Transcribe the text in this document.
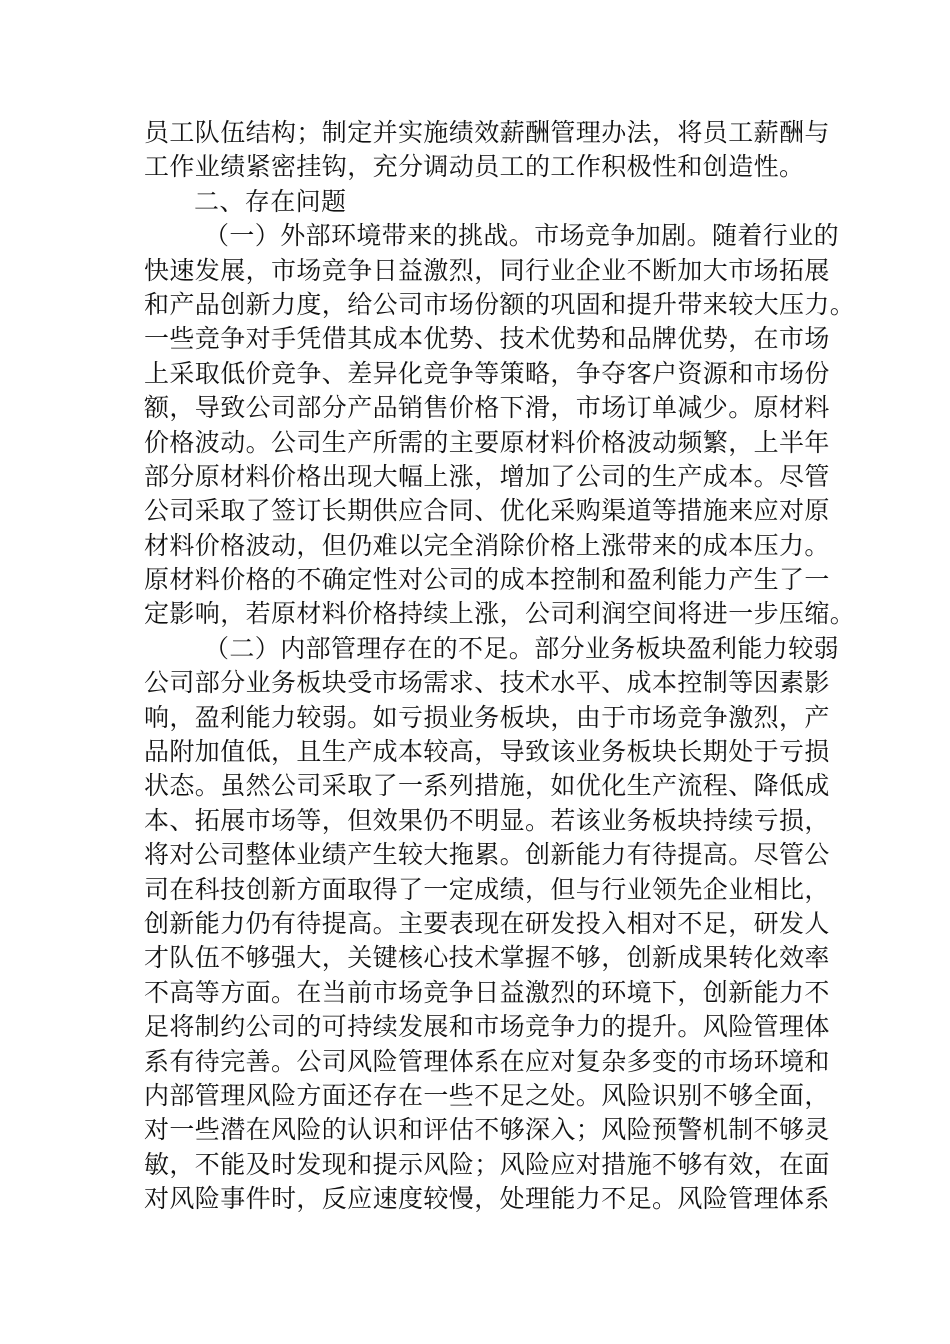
员工队伍结构；制定并实施绩效薪酬管理办法，将员工薪酬与
工作业绩紧密挂钩，充分调动员工的工作积极性和创造性。
二、存在问题
（一）外部环境带来的挑战。市场竞争加剧。随着行业的
快速发展，市场竞争日益激烈，同行业企业不断加大市场拓展
和产品创新力度，给公司市场份额的巩固和提升带来较大压力。
一些竞争对手凭借其成本优势、技术优势和品牌优势，在市场
上采取低价竞争、差异化竞争等策略，争夺客户资源和市场份
额，导致公司部分产品销售价格下滑，市场订单减少。原材料
价格波动。公司生产所需的主要原材料价格波动频繁，上半年
部分原材料价格出现大幅上涨，增加了公司的生产成本。尽管
公司采取了签订长期供应合同、优化采购渠道等措施来应对原
材料价格波动，但仍难以完全消除价格上涨带来的成本压力。
原材料价格的不确定性对公司的成本控制和盈利能力产生了一
定影响，若原材料价格持续上涨，公司利润空间将进一步压缩。
（二）内部管理存在的不足。部分业务板块盈利能力较弱
公司部分业务板块受市场需求、技术水平、成本控制等因素影
响，盈利能力较弱。如亏损业务板块，由于市场竞争激烈，产
品附加值低，且生产成本较高，导致该业务板块长期处于亏损
状态。虽然公司采取了一系列措施，如优化生产流程、降低成
本、拓展市场等，但效果仍不明显。若该业务板块持续亏损，
将对公司整体业绩产生较大拖累。创新能力有待提高。尽管公
司在科技创新方面取得了一定成绩，但与行业领先企业相比，
创新能力仍有待提高。主要表现在研发投入相对不足，研发人
才队伍不够强大，关键核心技术掌握不够，创新成果转化效率
不高等方面。在当前市场竞争日益激烈的环境下，创新能力不
足将制约公司的可持续发展和市场竞争力的提升。风险管理体
系有待完善。公司风险管理体系在应对复杂多变的市场环境和
内部管理风险方面还存在一些不足之处。风险识别不够全面，
对一些潜在风险的认识和评估不够深入；风险预警机制不够灵
敏，不能及时发现和提示风险；风险应对措施不够有效，在面
对风险事件时，反应速度较慢，处理能力不足。风险管理体系
